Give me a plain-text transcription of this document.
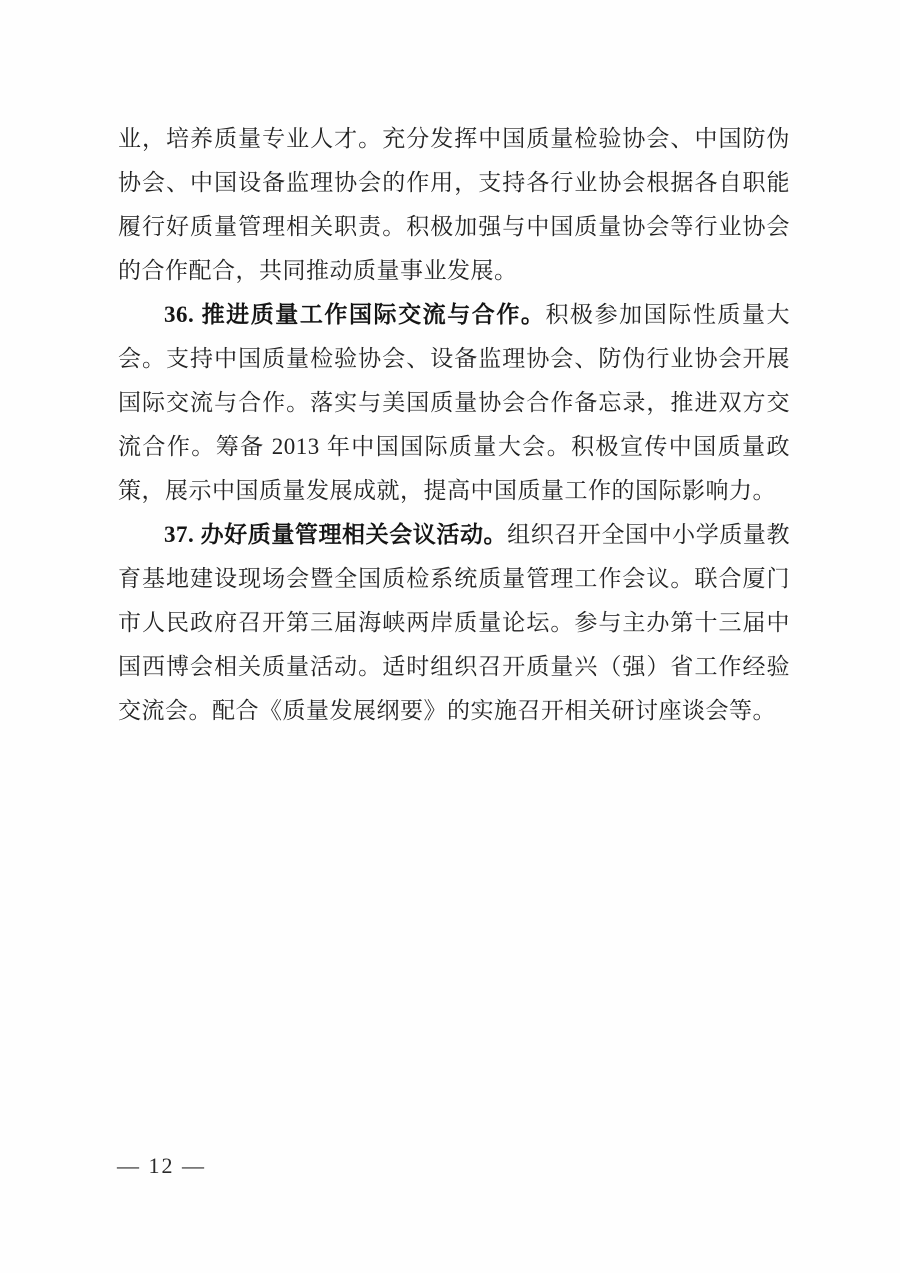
业，培养质量专业人才。充分发挥中国质量检验协会、中国防伪协会、中国设备监理协会的作用，支持各行业协会根据各自职能履行好质量管理相关职责。积极加强与中国质量协会等行业协会的合作配合，共同推动质量事业发展。

36. 推进质量工作国际交流与合作。积极参加国际性质量大会。支持中国质量检验协会、设备监理协会、防伪行业协会开展国际交流与合作。落实与美国质量协会合作备忘录，推进双方交流合作。筹备 2013 年中国国际质量大会。积极宣传中国质量政策，展示中国质量发展成就，提高中国质量工作的国际影响力。

37. 办好质量管理相关会议活动。组织召开全国中小学质量教育基地建设现场会暨全国质检系统质量管理工作会议。联合厦门市人民政府召开第三届海峡两岸质量论坛。参与主办第十三届中国西博会相关质量活动。适时组织召开质量兴（强）省工作经验交流会。配合《质量发展纲要》的实施召开相关研讨座谈会等。

— 12 —
